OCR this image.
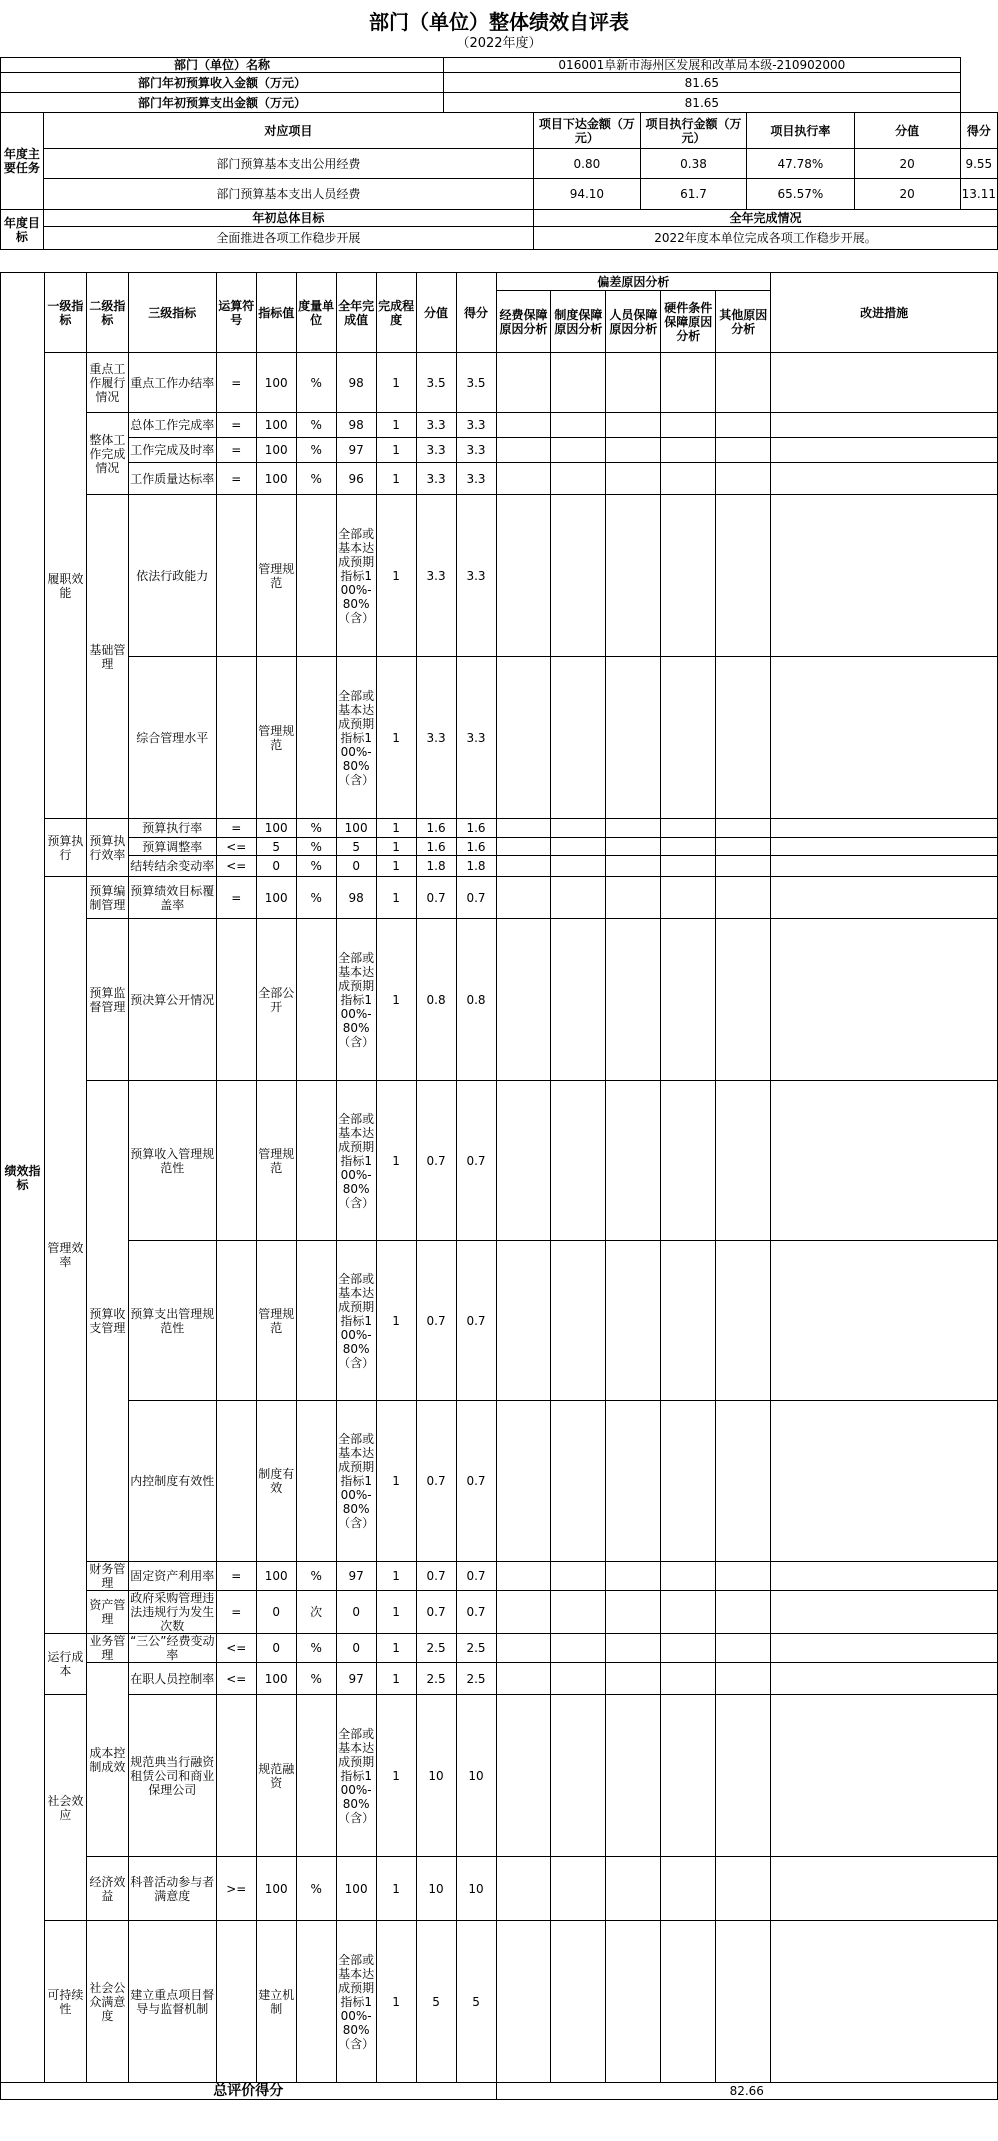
部门（单位）整体绩效自评表
（2022年度）
部门（单位）名称		016001阜新市海州区发展和改革局本级-210902000					
部门年初预算收入金额（万元）		81.65					
部门年初预算支出金额（万元）		81.65					
年度主要任务	对应项目		项目下达金额（万元）	项目执行金额（万元）	项目执行率	分值	得分
	部门预算基本支出公用经费		0.80	0.38	47.78%	20	9.55
	部门预算基本支出人员经费		94.10	61.7	65.57%	20	13.11
年度目标	年初总体目标		全年完成情况				
	全面推进各项工作稳步开展		2022年度本单位完成各项工作稳步开展。				
绩效指标	一级指标	二级指标	三级指标	运算符号	指标值	度量单位	全年完成值	完成程度	分值	得分	偏差原因分析					改进措施
											经费保障原因分析	制度保障原因分析	人员保障原因分析	硬件条件保障原因分析	其他原因分析	
	履职效能	重点工作履行情况	重点工作办结率	=	100	%	98	1	3.5	3.5						
		整体工作完成情况	总体工作完成率	=	100	%	98	1	3.3	3.3						
			工作完成及时率	=	100	%	97	1	3.3	3.3						
			工作质量达标率	=	100	%	96	1	3.3	3.3						
		基础管理	依法行政能力		管理规范		全部或基本达成预期指标100%-80%（含）	1	3.3	3.3						
			综合管理水平		管理规范		全部或基本达成预期指标100%-80%（含）	1	3.3	3.3						
	预算执行	预算执行效率	预算执行率	=	100	%	100	1	1.6	1.6						
			预算调整率	<=	5	%	5	1	1.6	1.6						
			结转结余变动率	<=	0	%	0	1	1.8	1.8						
	管理效率	预算编制管理	预算绩效目标覆盖率	=	100	%	98	1	0.7	0.7						
		预算监督管理	预决算公开情况		全部公开		全部或基本达成预期指标100%-80%（含）	1	0.8	0.8						
		预算收支管理	预算收入管理规范性		管理规范		全部或基本达成预期指标100%-80%（含）	1	0.7	0.7						
			预算支出管理规范性		管理规范		全部或基本达成预期指标100%-80%（含）	1	0.7	0.7						
			内控制度有效性		制度有效		全部或基本达成预期指标100%-80%（含）	1	0.7	0.7						
		财务管理	固定资产利用率	=	100	%	97	1	0.7	0.7						
		资产管理	政府采购管理违法违规行为发生次数	=	0	次	0	1	0.7	0.7						
	运行成本	业务管理	“三公”经费变动率	<=	0	%	0	1	2.5	2.5						
		成本控制成效	在职人员控制率	<=	100	%	97	1	2.5	2.5						
	社会效应		规范典当行融资租赁公司和商业保理公司		规范融资		全部或基本达成预期指标100%-80%（含）	1	10	10						
		经济效益	科普活动参与者满意度	>=	100	%	100	1	10	10						
	可持续性	社会公众满意度	建立重点项目督导与监督机制		建立机制		全部或基本达成预期指标100%-80%（含）	1	5	5						
总评价得分											82.66					
